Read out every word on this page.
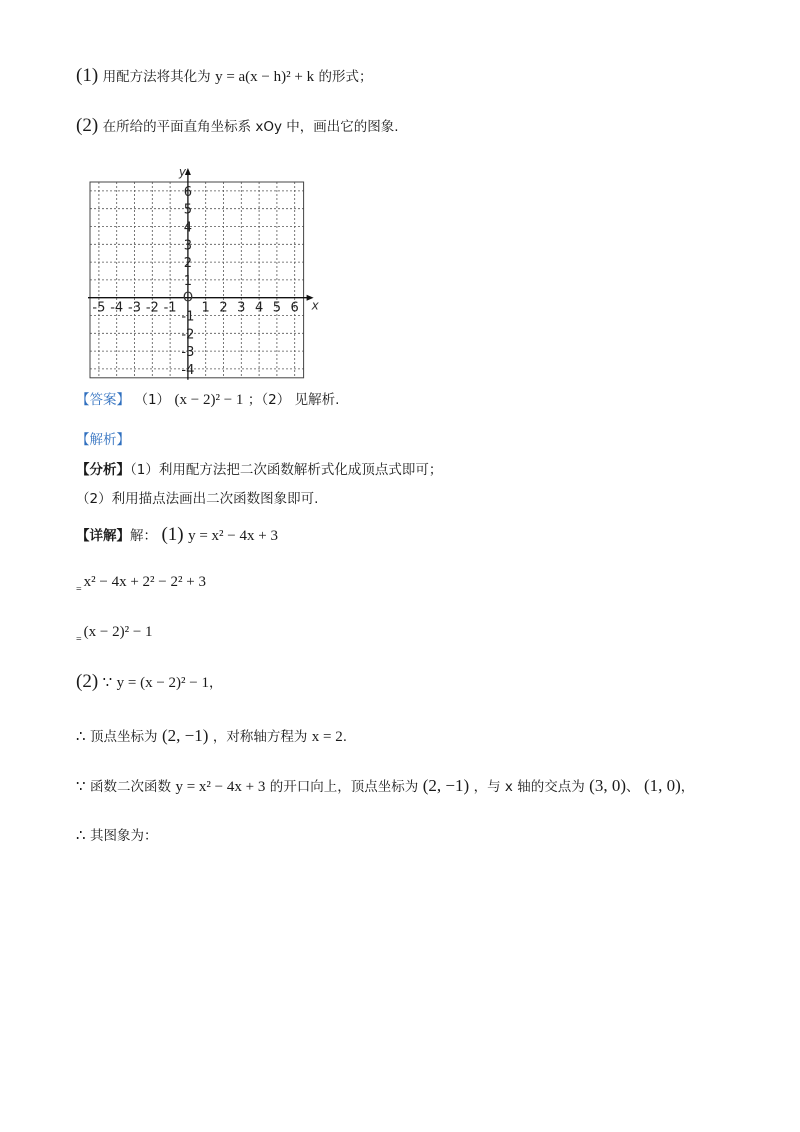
(1) 用配方法将其化为 y = a(x − h)² + k 的形式；
(2) 在所给的平面直角坐标系 xOy 中，画出它的图象.
x
y
O
-5 -4 -3 -2 -1 1 2 3 4 5 6
6
5
4
3
2
1
-1
-2
-3
-4
【答案】 （1） (x − 2)² − 1 ；（2） 见解析.
【解析】
【分析】（1）利用配方法把二次函数解析式化成顶点式即可；
（2）利用描点法画出二次函数图象即可.
【详解】解： (1) y = x² − 4x + 3
$_=$ x² − 4x + 2² − 2² + 3
$_=$ (x − 2)² − 1
(2) ∵ y = (x − 2)² − 1，
∴ 顶点坐标为 (2, −1) ，对称轴方程为 x = 2.
∵ 函数二次函数 y = x² − 4x + 3 的开口向上，顶点坐标为 (2, −1) ，与 x 轴的交点为 (3, 0)、 (1, 0)，
∴ 其图象为：
